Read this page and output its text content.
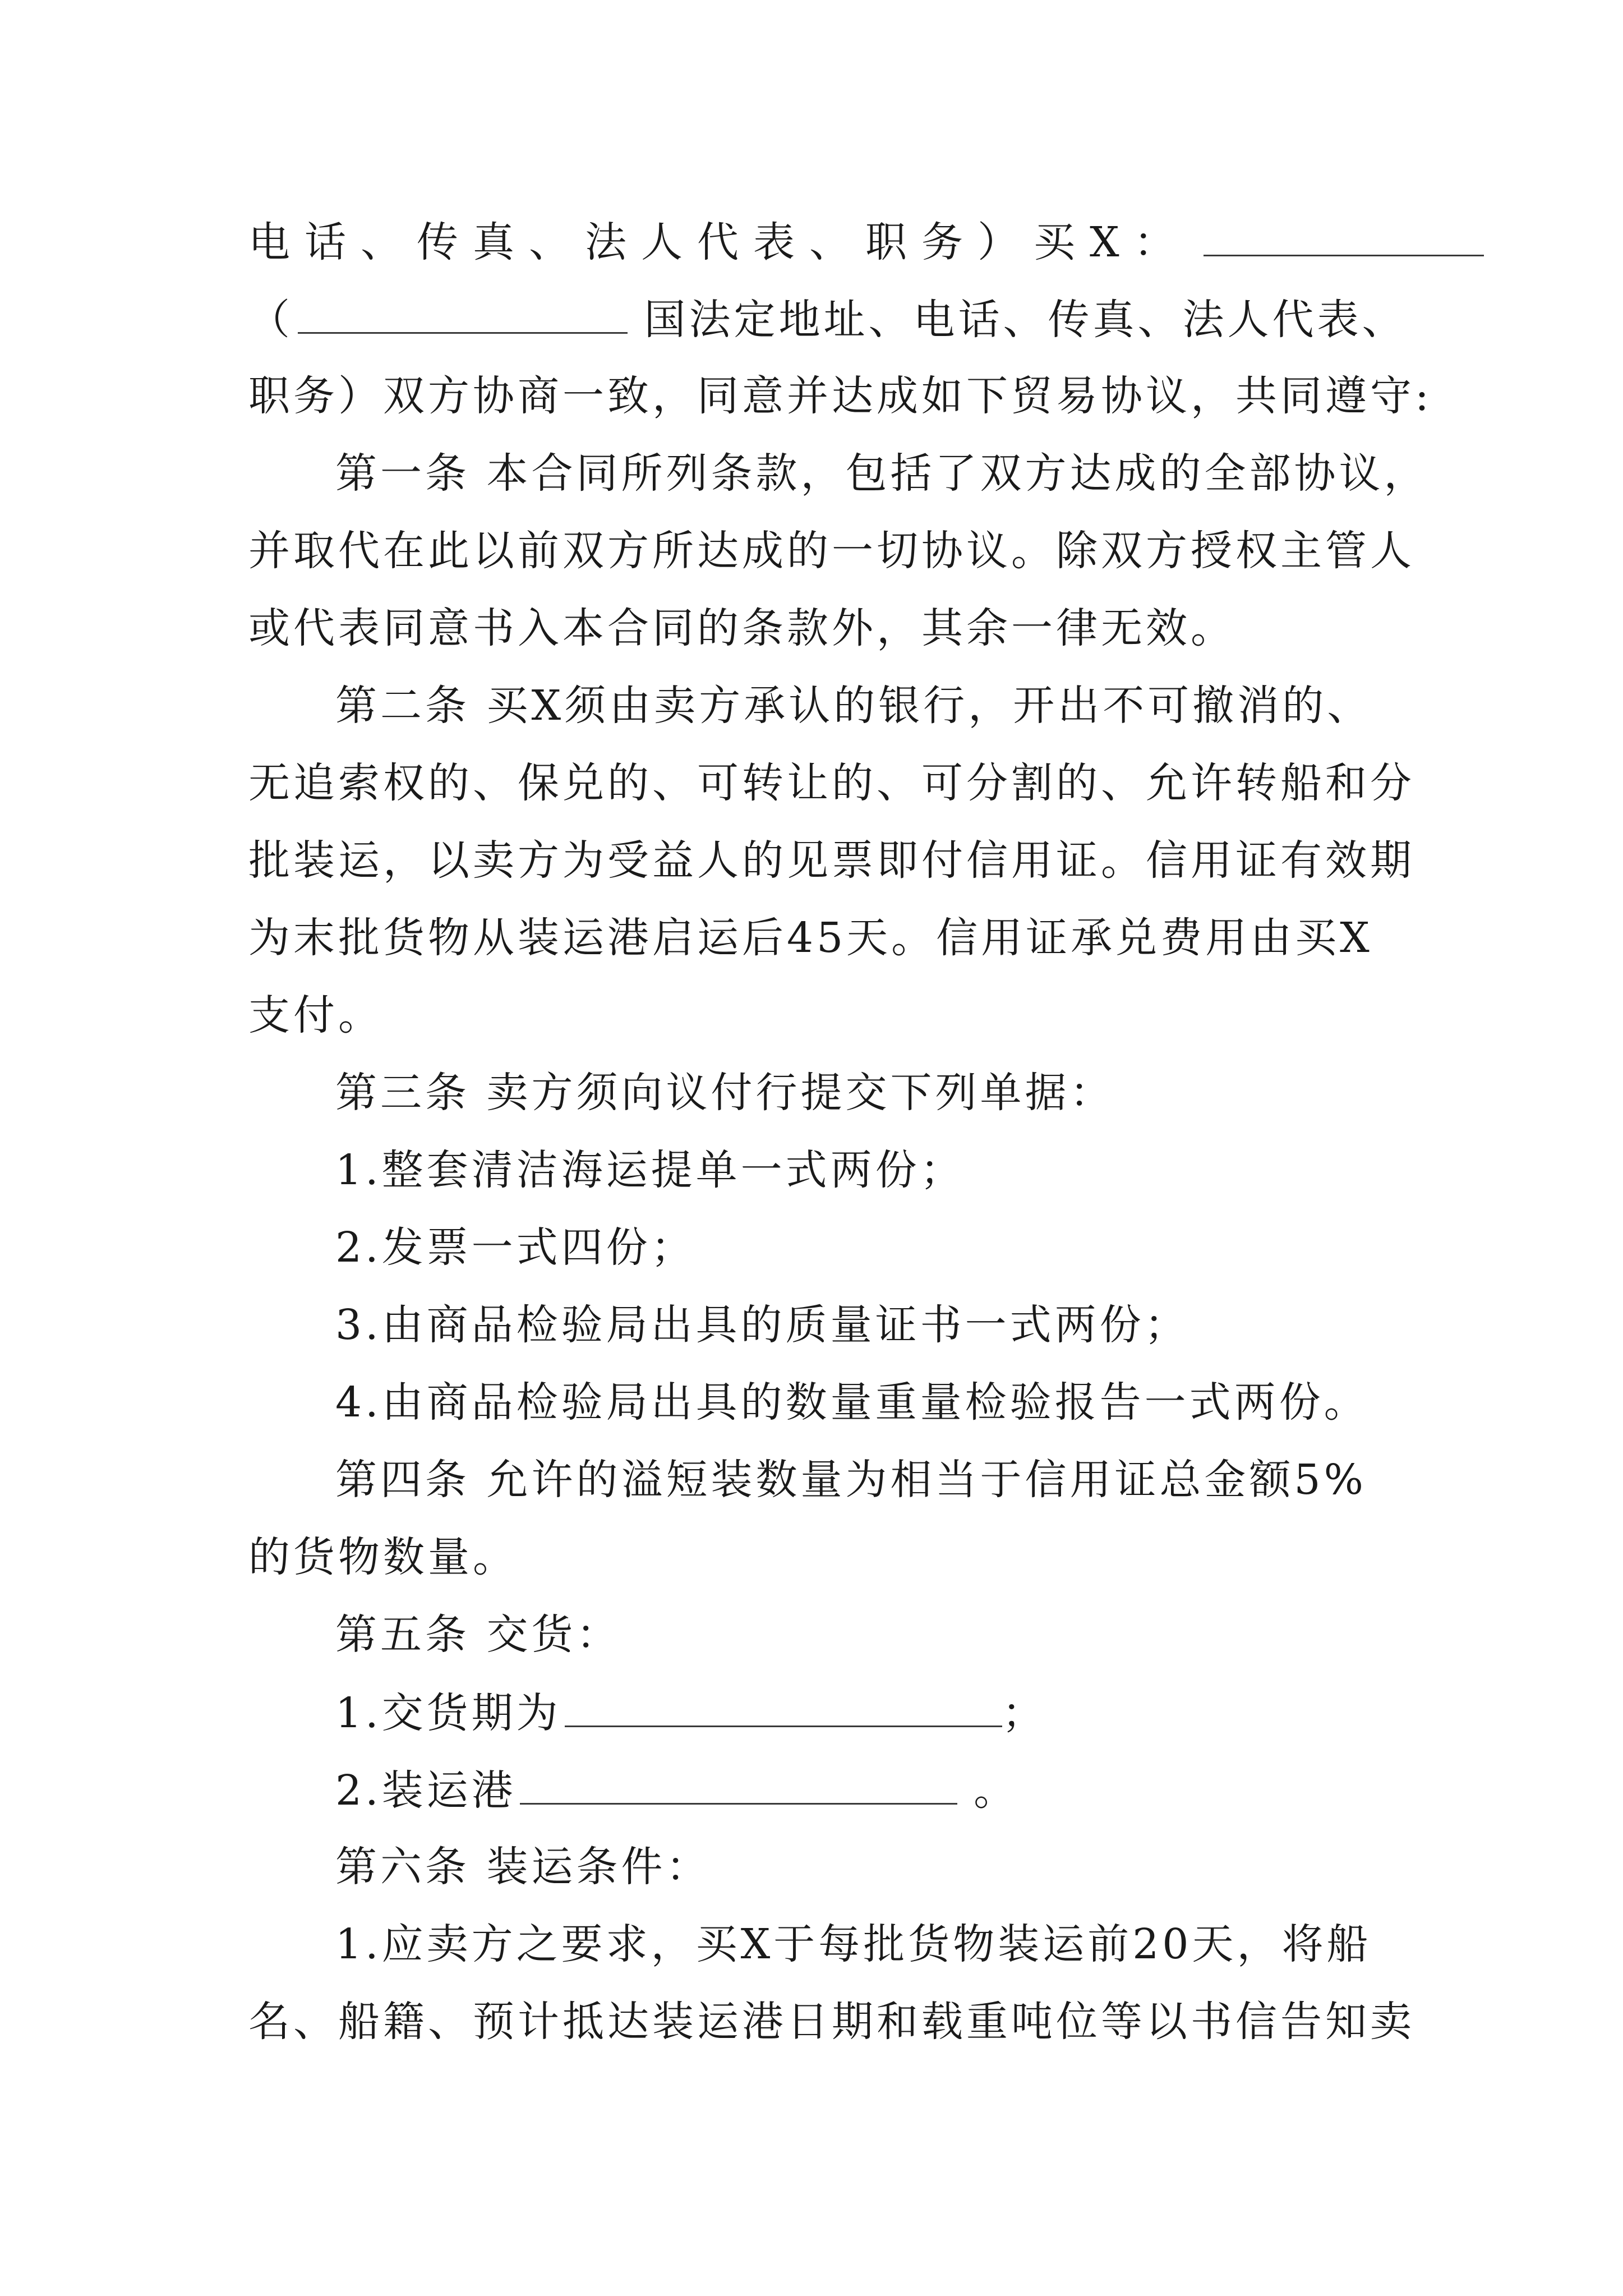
电话、传真、法人代表、职务）买X：
（	国法定地址、电话、传真、法人代表、
职务）双方协商一致，同意并达成如下贸易协议，共同遵守:
第一条 本合同所列条款，包括了双方达成的全部协议，
并取代在此以前双方所达成的一切协议。除双方授权主管人
或代表同意书入本合同的条款外，其余一律无效。
第二条 买X须由卖方承认的银行，开出不可撤消的、
无追索权的、保兑的、可转让的、可分割的、允许转船和分
批装运，以卖方为受益人的见票即付信用证。信用证有效期
为末批货物从装运港启运后45天。信用证承兑费用由买X
支付。
第三条 卖方须向议付行提交下列单据：
1.整套清洁海运提单一式两份；
2.发票一式四份；
3.由商品检验局出具的质量证书一式两份；
4.由商品检验局出具的数量重量检验报告一式两份。
第四条 允许的溢短装数量为相当于信用证总金额5%
的货物数量。
第五条 交货：
1.交货期为	；
2.装运港	。
第六条 装运条件：
1.应卖方之要求，买X于每批货物装运前20天，将船
名、船籍、预计抵达装运港日期和载重吨位等以书信告知卖
